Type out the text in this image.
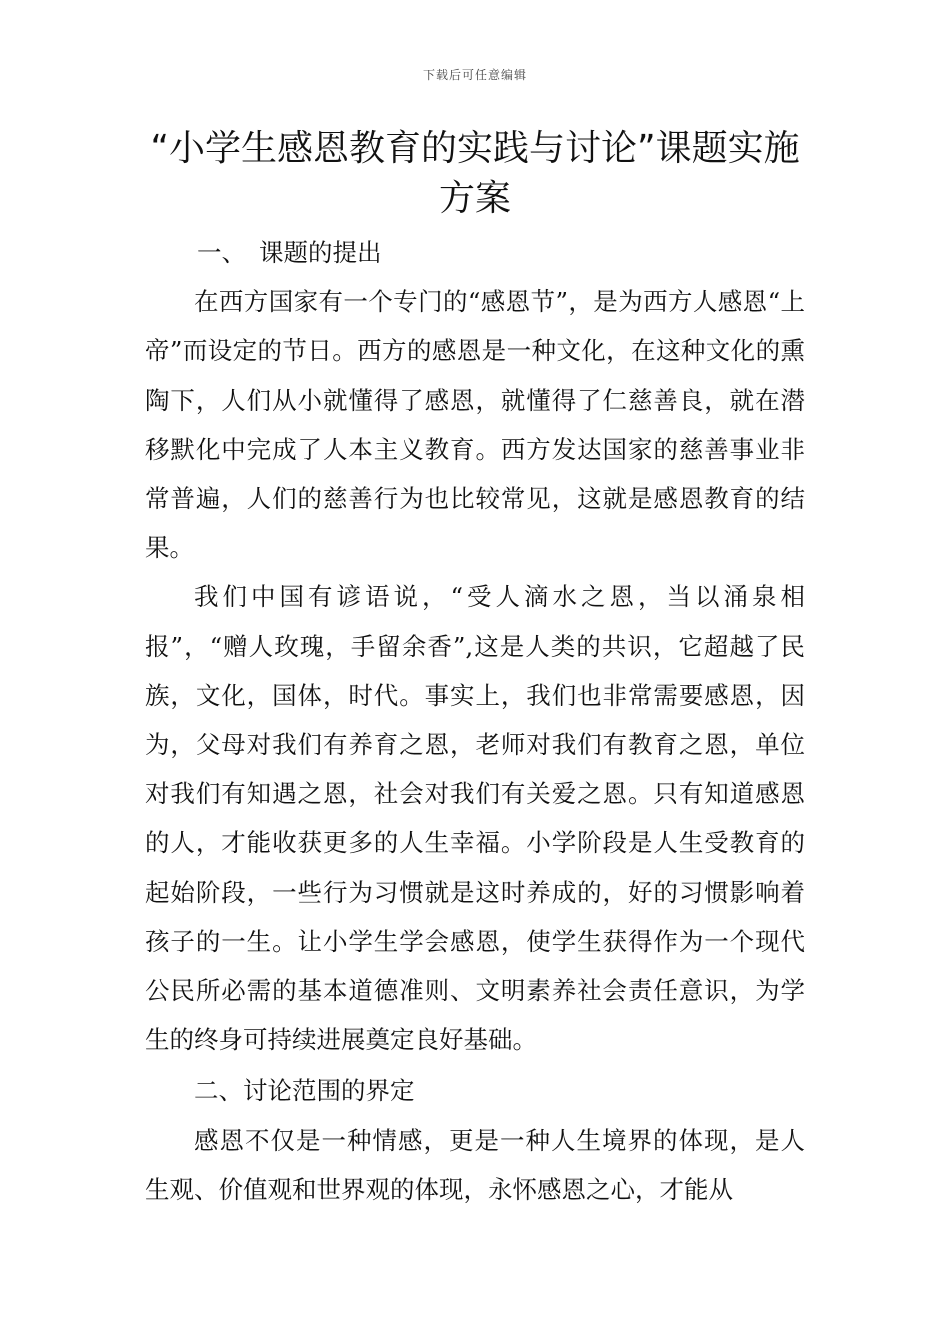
下载后可任意编辑
“小学生感恩教育的实践与讨论”课题实施方案

一、 课题的提出

在西方国家有一个专门的“感恩节”，是为西方人感恩“上帝”而设定的节日。西方的感恩是一种文化，在这种文化的熏陶下，人们从小就懂得了感恩，就懂得了仁慈善良，就在潜移默化中完成了人本主义教育。西方发达国家的慈善事业非常普遍，人们的慈善行为也比较常见，这就是感恩教育的结果。

我们中国有谚语说，“受人滴水之恩，当以涌泉相报”，“赠人玫瑰，手留余香”,这是人类的共识，它超越了民族，文化，国体，时代。事实上，我们也非常需要感恩，因为，父母对我们有养育之恩，老师对我们有教育之恩，单位对我们有知遇之恩，社会对我们有关爱之恩。只有知道感恩的人，才能收获更多的人生幸福。小学阶段是人生受教育的起始阶段，一些行为习惯就是这时养成的，好的习惯影响着孩子的一生。让小学生学会感恩，使学生获得作为一个现代公民所必需的基本道德准则、文明素养社会责任意识，为学生的终身可持续进展奠定良好基础。

二、讨论范围的界定

感恩不仅是一种情感，更是一种人生境界的体现，是人生观、价值观和世界观的体现，永怀感恩之心，才能从
